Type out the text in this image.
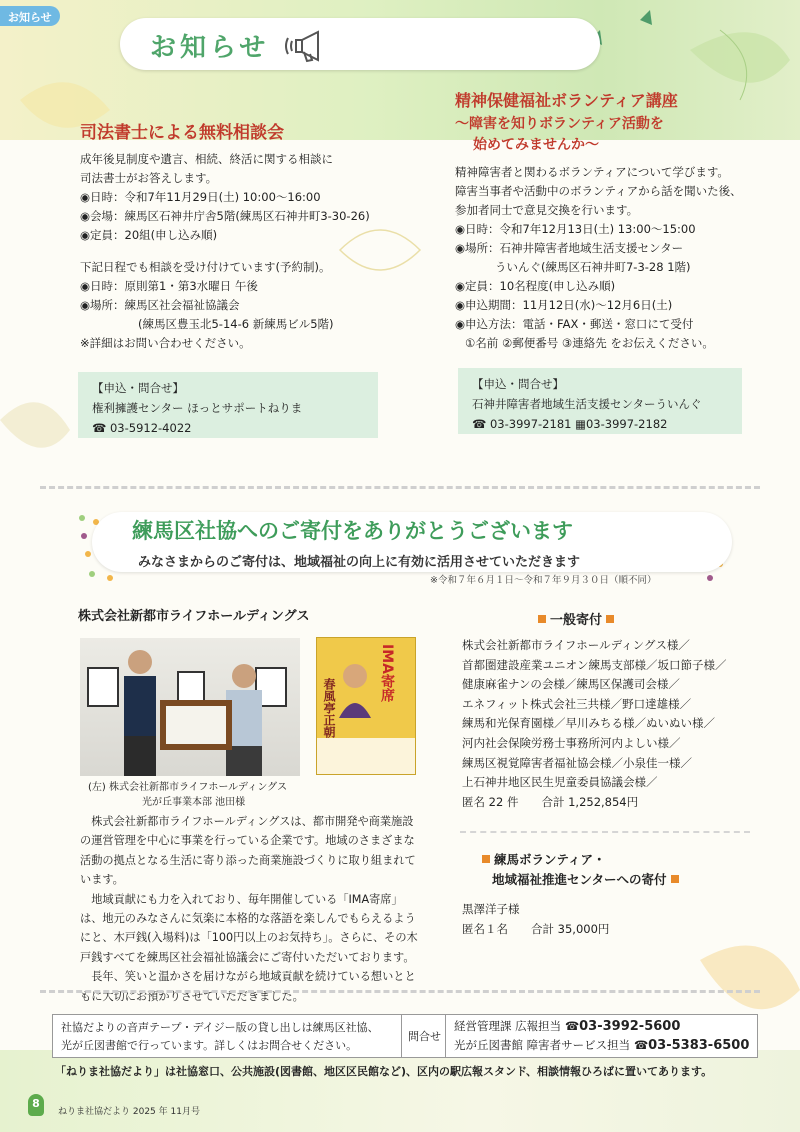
お知らせ
お知らせ
司法書士による無料相談会
成年後見制度や遺言、相続、終活に関する相談に
司法書士がお答えします。
◉日時：令和7年11月29日(土) 10:00〜16:00
◉会場：練馬区石神井庁舎5階(練馬区石神井町3-30-26)
◉定員：20組(申し込み順)
下記日程でも相談を受け付けています(予約制)。
◉日時：原則第1・第3水曜日 午後
◉場所：練馬区社会福祉協議会
(練馬区豊玉北5-14-6 新練馬ビル5階)
※詳細はお問い合わせください。
【申込・問合せ】
権利擁護センター ほっとサポートねりま
☎ 03-5912-4022
精神保健福祉ボランティア講座
〜障害を知りボランティア活動を
始めてみませんか〜
精神障害者と関わるボランティアについて学びます。
障害当事者や活動中のボランティアから話を聞いた後、
参加者同士で意見交換を行います。
◉日時：令和7年12月13日(土) 13:00〜15:00
◉場所：石神井障害者地域生活支援センター
ういんぐ(練馬区石神井町7-3-28 1階)
◉定員：10名程度(申し込み順)
◉申込期間：11月12日(水)〜12月6日(土)
◉申込方法：電話・FAX・郵送・窓口にて受付
①名前 ②郵便番号 ③連絡先 をお伝えください。
【申込・問合せ】
石神井障害者地域生活支援センターういんぐ
☎ 03-3997-2181 ▦03-3997-2182
練馬区社協へのご寄付をありがとうございます
みなさまからのご寄付は、地域福祉の向上に有効に活用させていただきます
※令和７年６月１日〜令和７年９月３０日（順不同）
株式会社新都市ライフホールディングス
IMA寄席
春風亭正朝
(左) 株式会社新都市ライフホールディングス
光が丘事業本部 池田様

株式会社新都市ライフホールディングスは、都市開発や商業施設の運営管理を中心に事業を行っている企業です。地域のさまざまな活動の拠点となる生活に寄り添った商業施設づくりに取り組まれています。

地域貢献にも力を入れており、毎年開催している「IMA寄席」は、地元のみなさんに気楽に本格的な落語を楽しんでもらえるようにと、木戸銭(入場料)は「100円以上のお気持ち」。さらに、その木戸銭すべてを練馬区社会福祉協議会にご寄付いただいております。

長年、笑いと温かさを届けながら地域貢献を続けている想いとともに大切にお預かりさせていただきました。

一般寄付
株式会社新都市ライフホールディングス様／
首都圏建設産業ユニオン練馬支部様／坂口節子様／
健康麻雀ナンの会様／練馬区保護司会様／
エネフィット株式会社三共様／野口達雄様／
練馬和光保育園様／早川みちる様／ぬいぬい様／
河内社会保険労務士事務所河内よしい様／
練馬区視覚障害者福祉協会様／小泉佳一様／
上石神井地区民生児童委員協議会様／
匿名 22 件　　合計 1,252,854円
練馬ボランティア・
地域福祉推進センターへの寄付
黒澤洋子様
匿名１名　　合計 35,000円
社協だよりの音声テープ・デイジー版の貸し出しは練馬区社協、
光が丘図書館で行っています。詳しくはお問合せください。
問合せ
経営管理課 広報担当 ☎03-3992-5600
光が丘図書館 障害者サービス担当 ☎03-5383-6500
「ねりま社協だより」は社協窓口、公共施設(図書館、地区区民館など)、区内の駅広報スタンド、相談情報ひろばに置いてあります。
8
ねりま社協だより 2025 年 11月号
